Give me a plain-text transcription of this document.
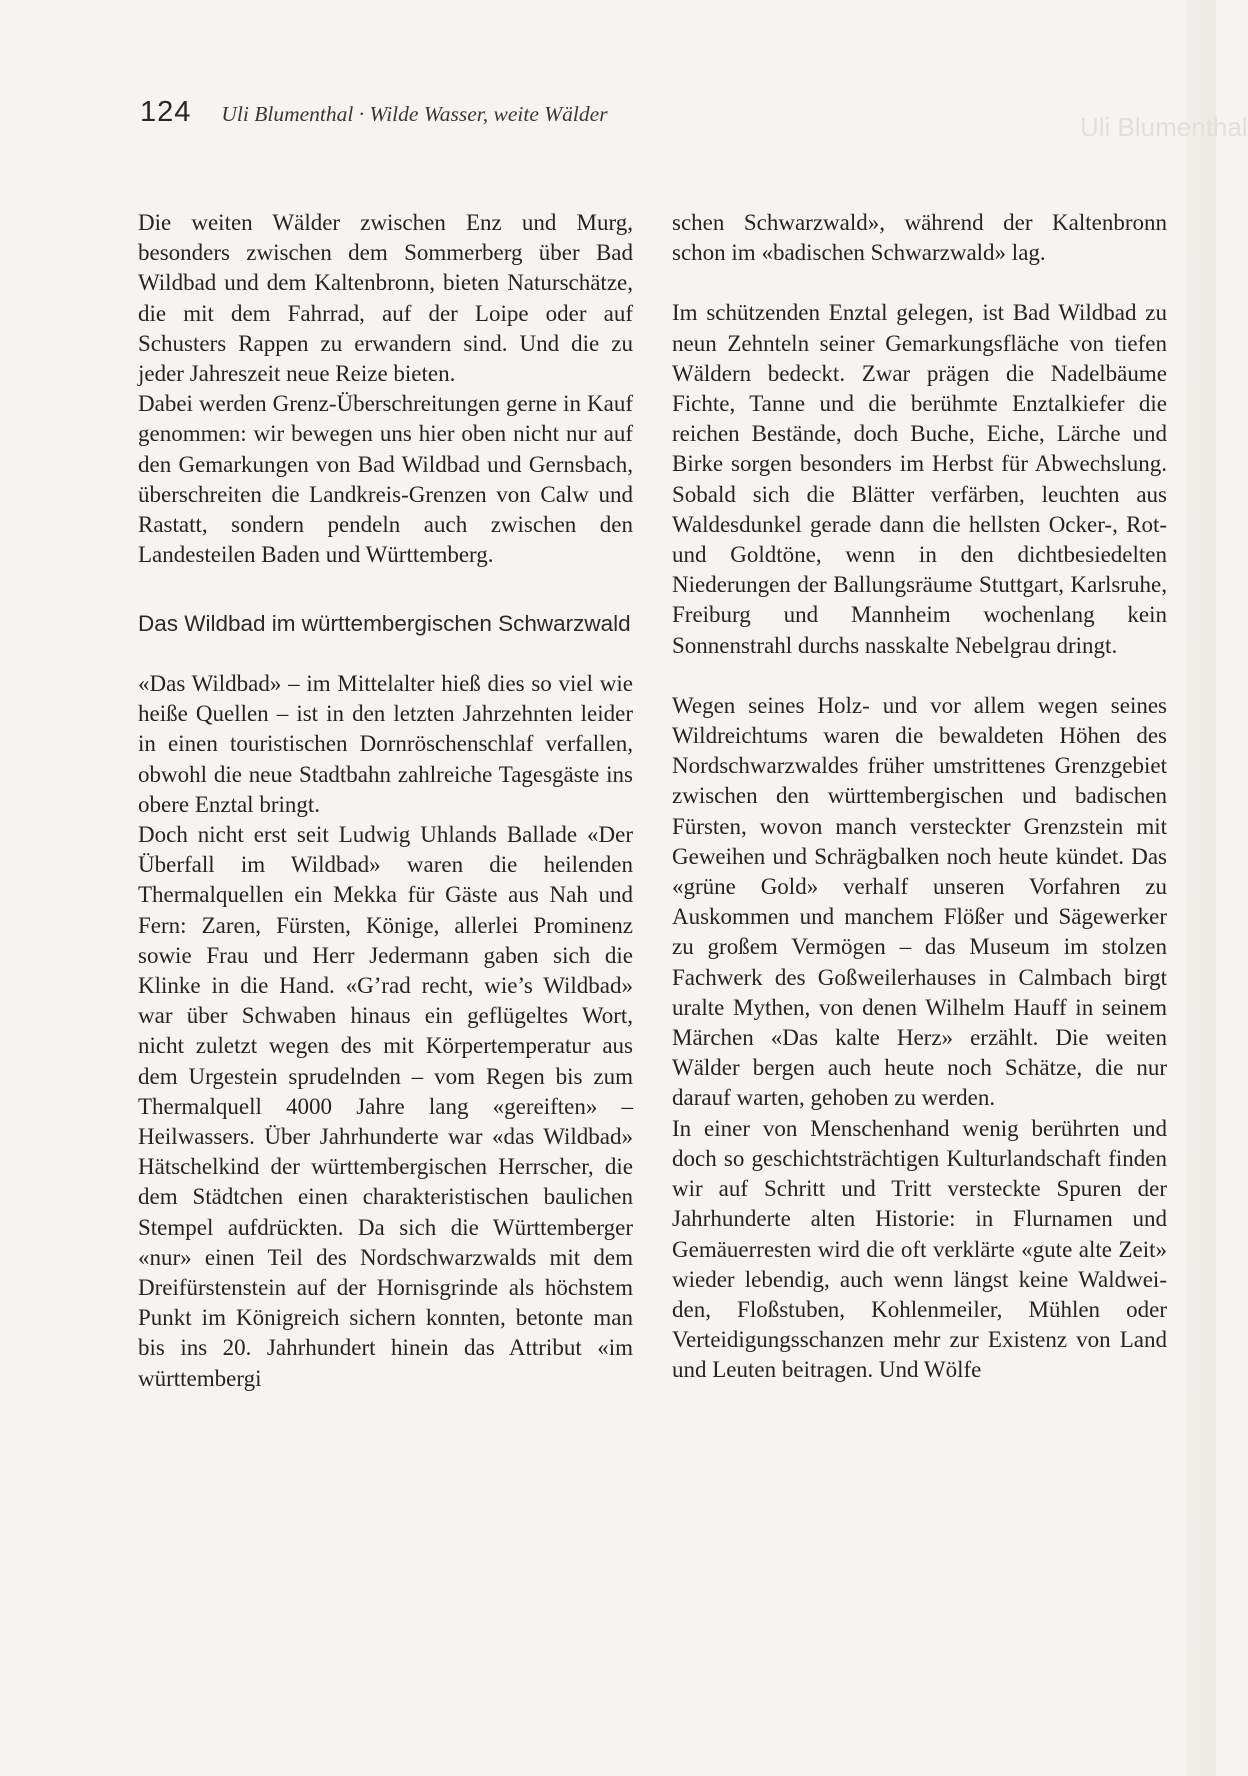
Uli Blumenthal
124 Uli Blumenthal · Wilde Wasser, weite Wälder

Die weiten Wälder zwischen Enz und Murg, besonders zwischen dem Sommerberg über Bad Wildbad und dem Kaltenbronn, bieten Naturschätze, die mit dem Fahrrad, auf der Loipe oder auf Schusters Rappen zu erwandern sind. Und die zu jeder Jahreszeit neue Reize bieten.

Dabei werden Grenz-Überschreitungen gerne in Kauf genommen: wir bewegen uns hier oben nicht nur auf den Gemarkungen von Bad Wildbad und Gernsbach, überschreiten die Landkreis-Grenzen von Calw und Rastatt, sondern pendeln auch zwischen den Landesteilen Baden und Württemberg.

Das Wildbad im württembergischen Schwarzwald

«Das Wildbad» – im Mittelalter hieß dies so viel wie heiße Quellen – ist in den letzten Jahrzehnten leider in einen touristischen Dornröschenschlaf verfallen, obwohl die neue Stadtbahn zahlreiche Tagesgäste ins obere Enztal bringt.

Doch nicht erst seit Ludwig Uhlands Ballade «Der Überfall im Wildbad» waren die heilenden Thermalquellen ein Mekka für Gäste aus Nah und Fern: Zaren, Fürsten, Könige, allerlei Prominenz sowie Frau und Herr Jedermann gaben sich die Klinke in die Hand. «G’rad recht, wie’s Wildbad» war über Schwaben hinaus ein geflügeltes Wort, nicht zuletzt wegen des mit Körpertemperatur aus dem Urgestein sprudelnden – vom Regen bis zum Thermalquell 4000 Jahre lang «gereiften» – Heilwassers. Über Jahrhunderte war «das Wildbad» Hätschelkind der württembergischen Herrscher, die dem Städtchen einen charakteristischen baulichen Stempel aufdrückten. Da sich die Württemberger «nur» einen Teil des Nordschwarzwalds mit dem Dreifürstenstein auf der Hornisgrinde als höchstem Punkt im Königreich sichern konnten, betonte man bis ins 20. Jahrhundert hinein das Attribut «im württembergi

schen Schwarzwald», während der Kaltenbronn schon im «badischen Schwarzwald» lag.

Im schützenden Enztal gelegen, ist Bad Wildbad zu neun Zehnteln seiner Gemarkungsfläche von tiefen Wäldern bedeckt. Zwar prägen die Nadelbäume Fichte, Tanne und die berühmte Enztalkiefer die reichen Bestände, doch Buche, Eiche, Lärche und Birke sorgen besonders im Herbst für Abwechslung. Sobald sich die Blätter verfärben, leuchten aus Waldesdunkel gerade dann die hellsten Ocker-, Rot- und Goldtöne, wenn in den dichtbesiedelten Niederungen der Ballungsräume Stuttgart, Karlsruhe, Freiburg und Mannheim wochenlang kein Sonnenstrahl durchs nasskalte Nebelgrau dringt.

Wegen seines Holz- und vor allem wegen seines Wildreichtums waren die bewaldeten Höhen des Nordschwarzwaldes früher umstrittenes Grenzgebiet zwischen den württembergischen und badischen Fürsten, wovon manch versteckter Grenzstein mit Geweihen und Schrägbalken noch heute kündet. Das «grüne Gold» verhalf unseren Vorfahren zu Auskommen und manchem Flößer und Sägewerker zu großem Vermögen – das Museum im stolzen Fachwerk des Goßweilerhauses in Calmbach birgt uralte Mythen, von denen Wilhelm Hauff in seinem Märchen «Das kalte Herz» erzählt. Die weiten Wälder bergen auch heute noch Schätze, die nur darauf warten, gehoben zu werden.

In einer von Menschenhand wenig berührten und doch so geschichtsträchtigen Kulturlandschaft finden wir auf Schritt und Tritt versteckte Spuren der Jahrhunderte alten Historie: in Flurnamen und Gemäuerresten wird die oft verklärte «gute alte Zeit» wieder lebendig, auch wenn längst keine Waldweiden, Floßstuben, Kohlenmeiler, Mühlen oder Verteidigungsschanzen mehr zur Existenz von Land und Leuten beitragen. Und Wölfe
